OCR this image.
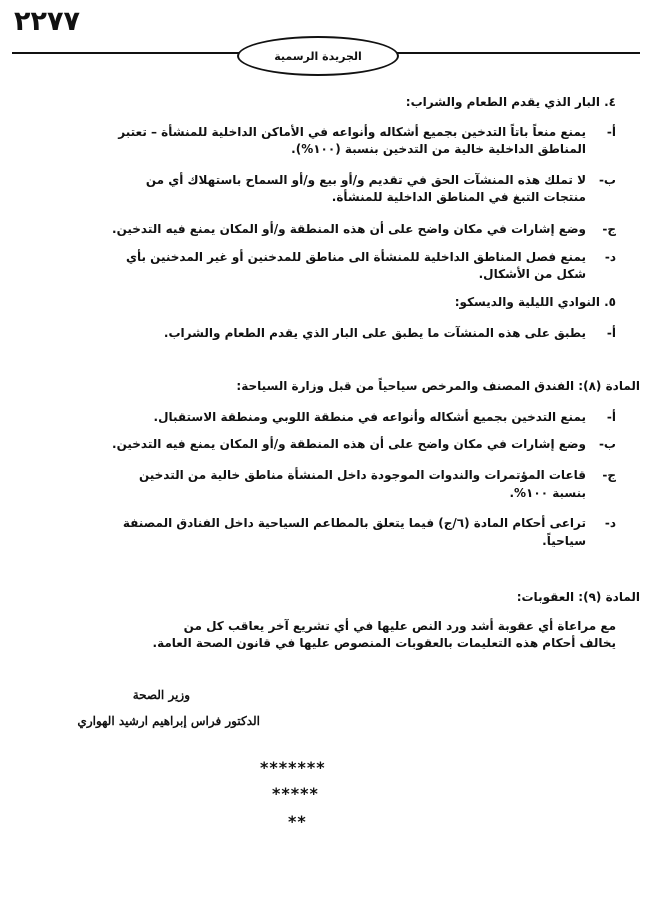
٢٢٧٧
الجريدة الرسمية
٤. البار الذي يقدم الطعام والشراب:
أ-
يمنع منعاً باتاً التدخين بجميع أشكاله وأنواعه في الأماكن الداخلية للمنشأة – تعتبر
المناطق الداخلية خالية من التدخين بنسبة (١٠٠%).
ب-
لا تملك هذه المنشآت الحق في تقديم و/أو بيع و/أو السماح باستهلاك أي من
منتجات التبغ في المناطق الداخلية للمنشأة.
ج-
وضع إشارات في مكان واضح على أن هذه المنطقة و/أو المكان يمنع فيه التدخين.
د-
يمنع فصل المناطق الداخلية للمنشأة الى مناطق للمدخنين أو غير المدخنين بأي
شكل من الأشكال.
٥. النوادي الليلية والديسكو:
أ-
يطبق على هذه المنشآت ما يطبق على البار الذي يقدم الطعام والشراب.
المادة (٨): الفندق المصنف والمرخص سياحياً من قبل وزارة السياحة:
أ-
يمنع التدخين بجميع أشكاله وأنواعه في منطقة اللوبي ومنطقة الاستقبال.
ب-
وضع إشارات في مكان واضح على أن هذه المنطقة و/أو المكان يمنع فيه التدخين.
ج-
قاعات المؤتمرات والندوات الموجودة داخل المنشأة مناطق خالية من التدخين
بنسبة ١٠٠%.
د-
تراعى أحكام المادة (٦/ج) فيما يتعلق بالمطاعم السياحية داخل الفنادق المصنفة
سياحياً.
المادة (٩): العقوبات:
مع مراعاة أي عقوبة أشد ورد النص عليها في أي تشريع آخر يعاقب كل من
يخالف أحكام هذه التعليمات بالعقوبات المنصوص عليها في قانون الصحة العامة.
وزير الصحة
الدكتور فراس إبراهيم ارشيد الهواري
*******
*****
**
